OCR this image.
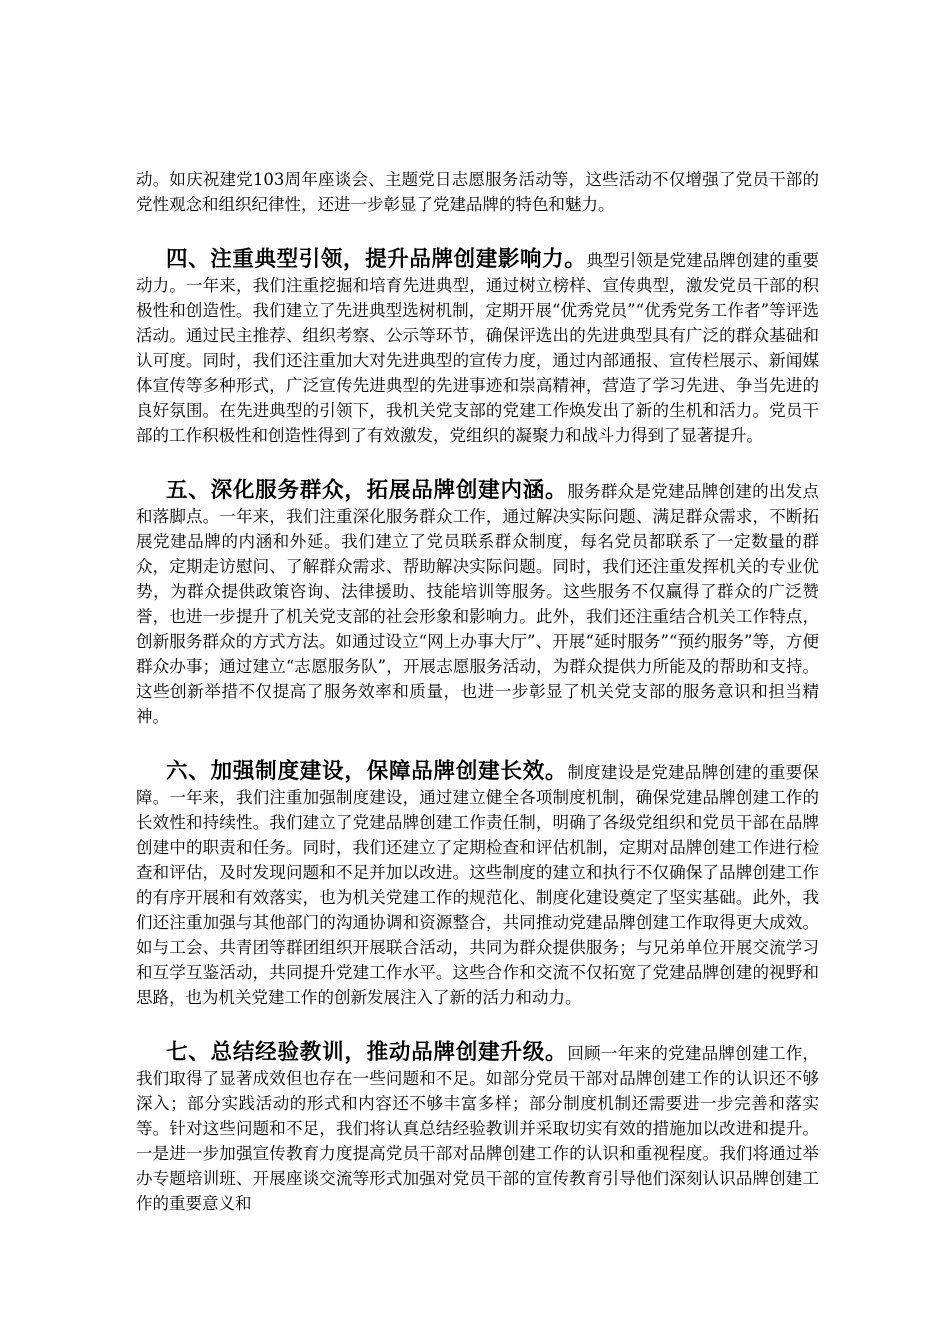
动。如庆祝建党103周年座谈会、主题党日志愿服务活动等，这些活动不仅增强了党员干部的党性观念和组织纪律性，还进一步彰显了党建品牌的特色和魅力。

四、注重典型引领，提升品牌创建影响力。典型引领是党建品牌创建的重要动力。一年来，我们注重挖掘和培育先进典型，通过树立榜样、宣传典型，激发党员干部的积极性和创造性。我们建立了先进典型选树机制，定期开展“优秀党员”“优秀党务工作者”等评选活动。通过民主推荐、组织考察、公示等环节，确保评选出的先进典型具有广泛的群众基础和认可度。同时，我们还注重加大对先进典型的宣传力度，通过内部通报、宣传栏展示、新闻媒体宣传等多种形式，广泛宣传先进典型的先进事迹和崇高精神，营造了学习先进、争当先进的良好氛围。在先进典型的引领下，我机关党支部的党建工作焕发出了新的生机和活力。党员干部的工作积极性和创造性得到了有效激发，党组织的凝聚力和战斗力得到了显著提升。

五、深化服务群众，拓展品牌创建内涵。服务群众是党建品牌创建的出发点和落脚点。一年来，我们注重深化服务群众工作，通过解决实际问题、满足群众需求，不断拓展党建品牌的内涵和外延。我们建立了党员联系群众制度，每名党员都联系了一定数量的群众，定期走访慰问、了解群众需求、帮助解决实际问题。同时，我们还注重发挥机关的专业优势，为群众提供政策咨询、法律援助、技能培训等服务。这些服务不仅赢得了群众的广泛赞誉，也进一步提升了机关党支部的社会形象和影响力。此外，我们还注重结合机关工作特点，创新服务群众的方式方法。如通过设立“网上办事大厅”、开展“延时服务”“预约服务”等，方便群众办事；通过建立“志愿服务队”，开展志愿服务活动，为群众提供力所能及的帮助和支持。这些创新举措不仅提高了服务效率和质量，也进一步彰显了机关党支部的服务意识和担当精神。

六、加强制度建设，保障品牌创建长效。制度建设是党建品牌创建的重要保障。一年来，我们注重加强制度建设，通过建立健全各项制度机制，确保党建品牌创建工作的长效性和持续性。我们建立了党建品牌创建工作责任制，明确了各级党组织和党员干部在品牌创建中的职责和任务。同时，我们还建立了定期检查和评估机制，定期对品牌创建工作进行检查和评估，及时发现问题和不足并加以改进。这些制度的建立和执行不仅确保了品牌创建工作的有序开展和有效落实，也为机关党建工作的规范化、制度化建设奠定了坚实基础。此外，我们还注重加强与其他部门的沟通协调和资源整合，共同推动党建品牌创建工作取得更大成效。如与工会、共青团等群团组织开展联合活动，共同为群众提供服务；与兄弟单位开展交流学习和互学互鉴活动，共同提升党建工作水平。这些合作和交流不仅拓宽了党建品牌创建的视野和思路，也为机关党建工作的创新发展注入了新的活力和动力。

七、总结经验教训，推动品牌创建升级。回顾一年来的党建品牌创建工作，我们取得了显著成效但也存在一些问题和不足。如部分党员干部对品牌创建工作的认识还不够深入；部分实践活动的形式和内容还不够丰富多样；部分制度机制还需要进一步完善和落实等。针对这些问题和不足，我们将认真总结经验教训并采取切实有效的措施加以改进和提升。一是进一步加强宣传教育力度提高党员干部对品牌创建工作的认识和重视程度。我们将通过举办专题培训班、开展座谈交流等形式加强对党员干部的宣传教育引导他们深刻认识品牌创建工作的重要意义和
